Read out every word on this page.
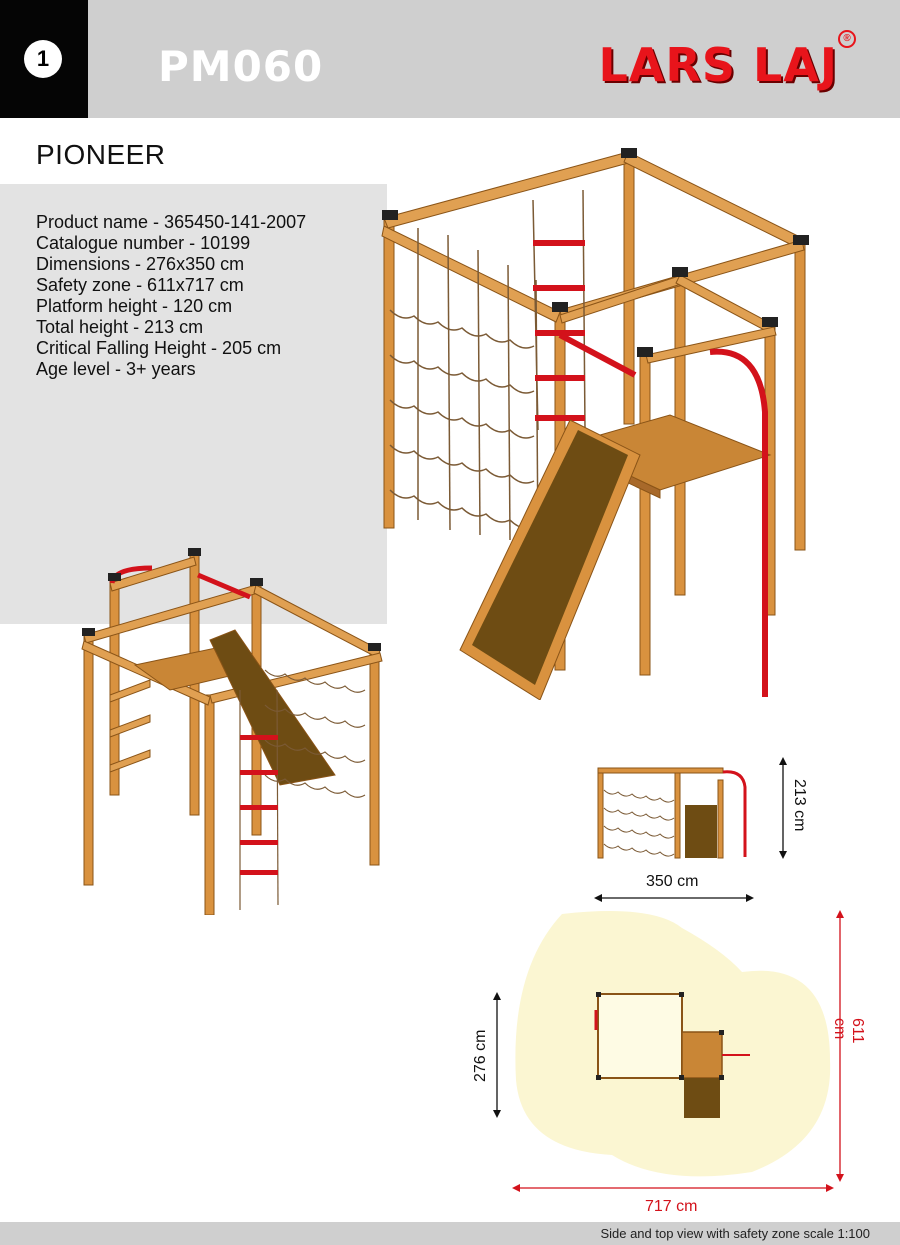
1	PM060	LARS LAJ ®
PIONEER
Product name - 365450-141-2007
Catalogue number - 10199
Dimensions - 276x350 cm
Safety zone - 611x717 cm
Platform height - 120 cm
Total height - 213 cm
Critical Falling Height - 205 cm
Age level - 3+ years
213 cm
350 cm
276 cm	611 cm
717 cm
Side and top view with safety zone scale 1:100
